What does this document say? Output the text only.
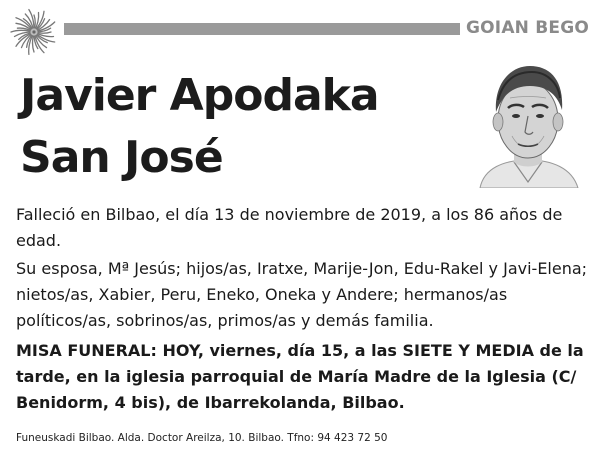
GOIAN BEGO
Javier Apodaka
San José
Falleció en Bilbao, el día 13 de noviembre de 2019, a los 86 años de edad.
Su esposa, Mª Jesús; hijos/as, Iratxe, Marije-Jon, Edu-Rakel y Javi-Elena; nietos/as, Xabier, Peru, Eneko, Oneka y Andere; hermanos/as políticos/as, sobrinos/as, primos/as y demás familia.
MISA FUNERAL: HOY, viernes, día 15, a las SIETE Y MEDIA de la tarde, en la iglesia parroquial de María Madre de la Iglesia (C/ Benidorm, 4 bis), de Ibarrekolanda, Bilbao.
Funeuskadi Bilbao. Alda. Doctor Areilza, 10. Bilbao. Tfno: 94 423 72 50
